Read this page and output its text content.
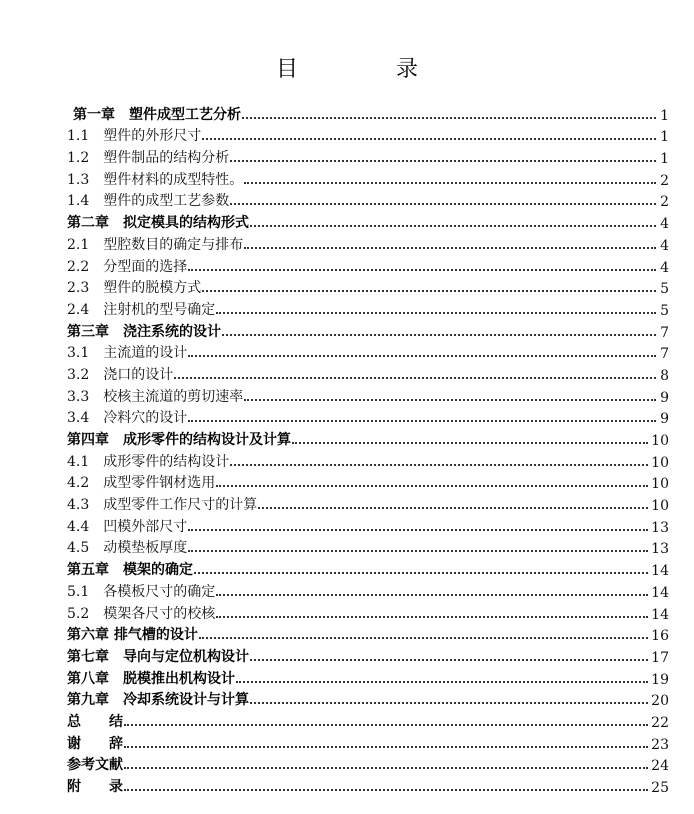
目　录
第一章　塑件成型工艺分析	1
1.1　塑件的外形尺寸	1
1.2　塑件制品的结构分析	1
1.3　塑件材料的成型特性。	2
1.4　塑件的成型工艺参数	2
第二章　拟定模具的结构形式	4
2.1　型腔数目的确定与排布	4
2.2　分型面的选择	4
2.3　塑件的脱模方式	5
2.4　注射机的型号确定	5
第三章　浇注系统的设计	7
3.1　主流道的设计	7
3.2　浇口的设计	8
3.3　校核主流道的剪切速率	9
3.4　冷料穴的设计	9
第四章　成形零件的结构设计及计算	10
4.1　成形零件的结构设计	10
4.2　成型零件钢材选用	10
4.3　成型零件工作尺寸的计算	10
4.4　凹模外部尺寸	13
4.5　动模垫板厚度	13
第五章　模架的确定	14
5.1　各模板尺寸的确定	14
5.2　模架各尺寸的校核	14
第六章 排气槽的设计	16
第七章　导向与定位机构设计	17
第八章　脱模推出机构设计	19
第九章　冷却系统设计与计算	20
总　　结	22
谢　　辞	23
参考文献	24
附　　录	25
